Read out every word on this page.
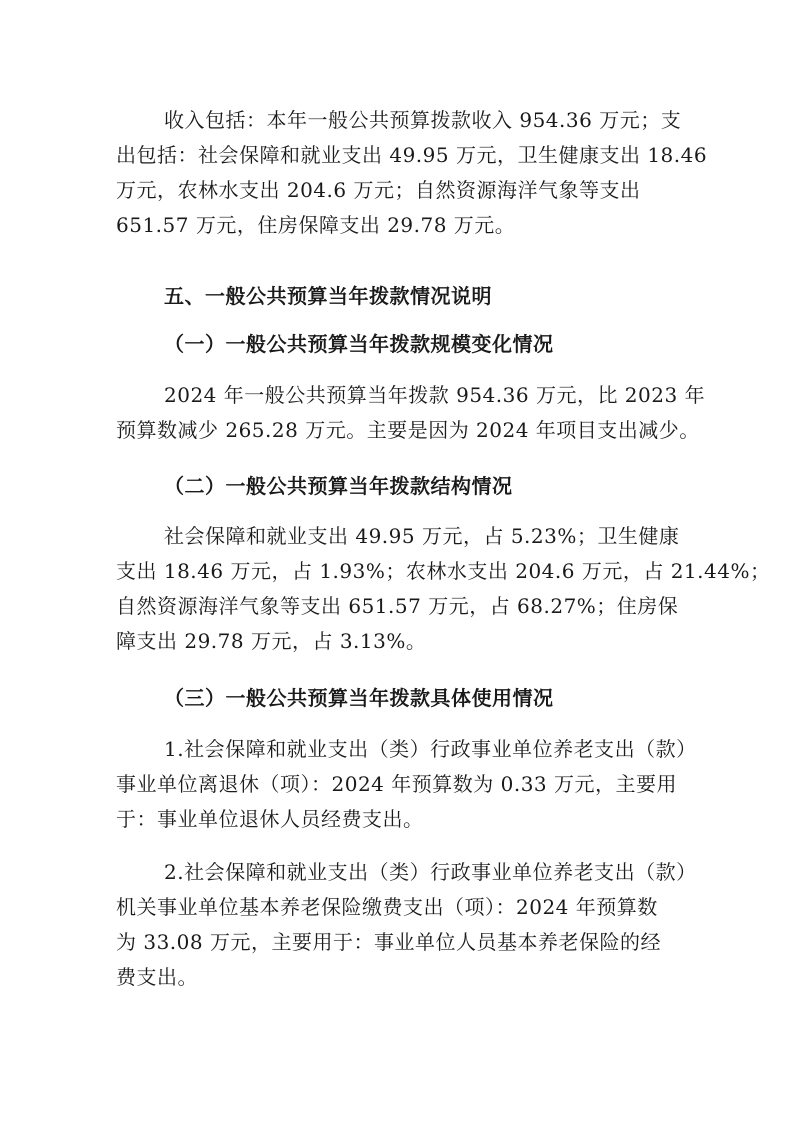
收入包括：本年一般公共预算拨款收入 954.36 万元；支
出包括：社会保障和就业支出 49.95 万元，卫生健康支出 18.46
万元，农林水支出 204.6 万元；自然资源海洋气象等支出
651.57 万元，住房保障支出 29.78 万元。

五、一般公共预算当年拨款情况说明
（一）一般公共预算当年拨款规模变化情况

2024 年一般公共预算当年拨款 954.36 万元，比 2023 年
预算数减少 265.28 万元。主要是因为 2024 年项目支出减少。

（二）一般公共预算当年拨款结构情况

社会保障和就业支出 49.95 万元，占 5.23%；卫生健康
支出 18.46 万元，占 1.93%；农林水支出 204.6 万元，占 21.44%；
自然资源海洋气象等支出 651.57 万元，占 68.27%；住房保
障支出 29.78 万元，占 3.13%。

（三）一般公共预算当年拨款具体使用情况

1.社会保障和就业支出（类）行政事业单位养老支出（款）
事业单位离退休（项）：2024 年预算数为 0.33 万元，主要用
于：事业单位退休人员经费支出。

2.社会保障和就业支出（类）行政事业单位养老支出（款）
机关事业单位基本养老保险缴费支出（项）：2024 年预算数
为 33.08 万元，主要用于：事业单位人员基本养老保险的经
费支出。
